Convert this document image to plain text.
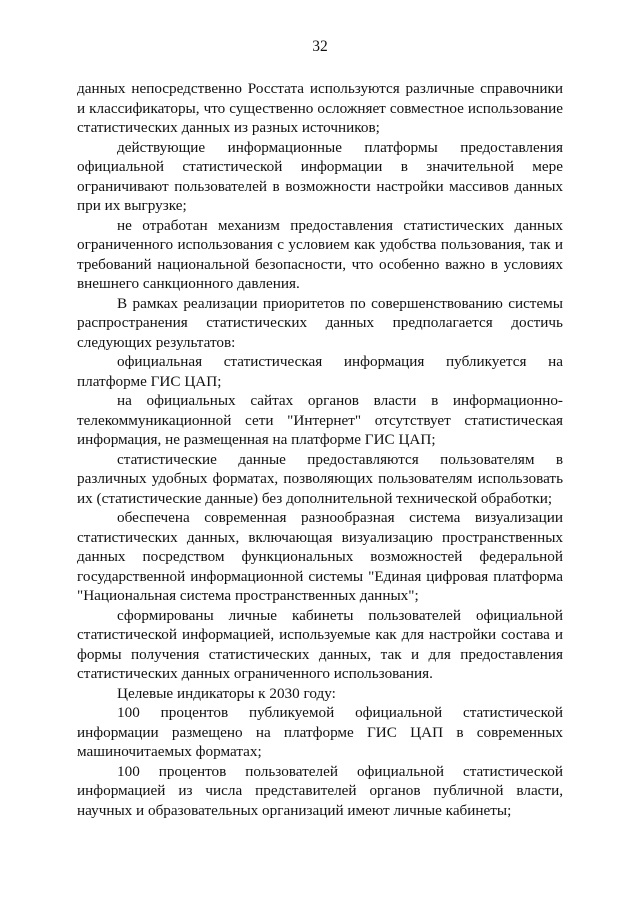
32

данных непосредственно Росстата используются различные справочники и классификаторы, что существенно осложняет совместное использование статистических данных из разных источников;

действующие информационные платформы предоставления официальной статистической информации в значительной мере ограничивают пользователей в возможности настройки массивов данных при их выгрузке;

не отработан механизм предоставления статистических данных ограниченного использования с условием как удобства пользования, так и требований национальной безопасности, что особенно важно в условиях внешнего санкционного давления.

В рамках реализации приоритетов по совершенствованию системы распространения статистических данных предполагается достичь следующих результатов:

официальная статистическая информация публикуется на платформе ГИС ЦАП;

на официальных сайтах органов власти в информационно-телекоммуникационной сети "Интернет" отсутствует статистическая информация, не размещенная на платформе ГИС ЦАП;

статистические данные предоставляются пользователям в различных удобных форматах, позволяющих пользователям использовать их (статистические данные) без дополнительной технической обработки;

обеспечена современная разнообразная система визуализации статистических данных, включающая визуализацию пространственных данных посредством функциональных возможностей федеральной государственной информационной системы "Единая цифровая платформа "Национальная система пространственных данных";

сформированы личные кабинеты пользователей официальной статистической информацией, используемые как для настройки состава и формы получения статистических данных, так и для предоставления статистических данных ограниченного использования.

Целевые индикаторы к 2030 году:

100 процентов публикуемой официальной статистической информации размещено на платформе ГИС ЦАП в современных машиночитаемых форматах;

100 процентов пользователей официальной статистической информацией из числа представителей органов публичной власти, научных и образовательных организаций имеют личные кабинеты;
